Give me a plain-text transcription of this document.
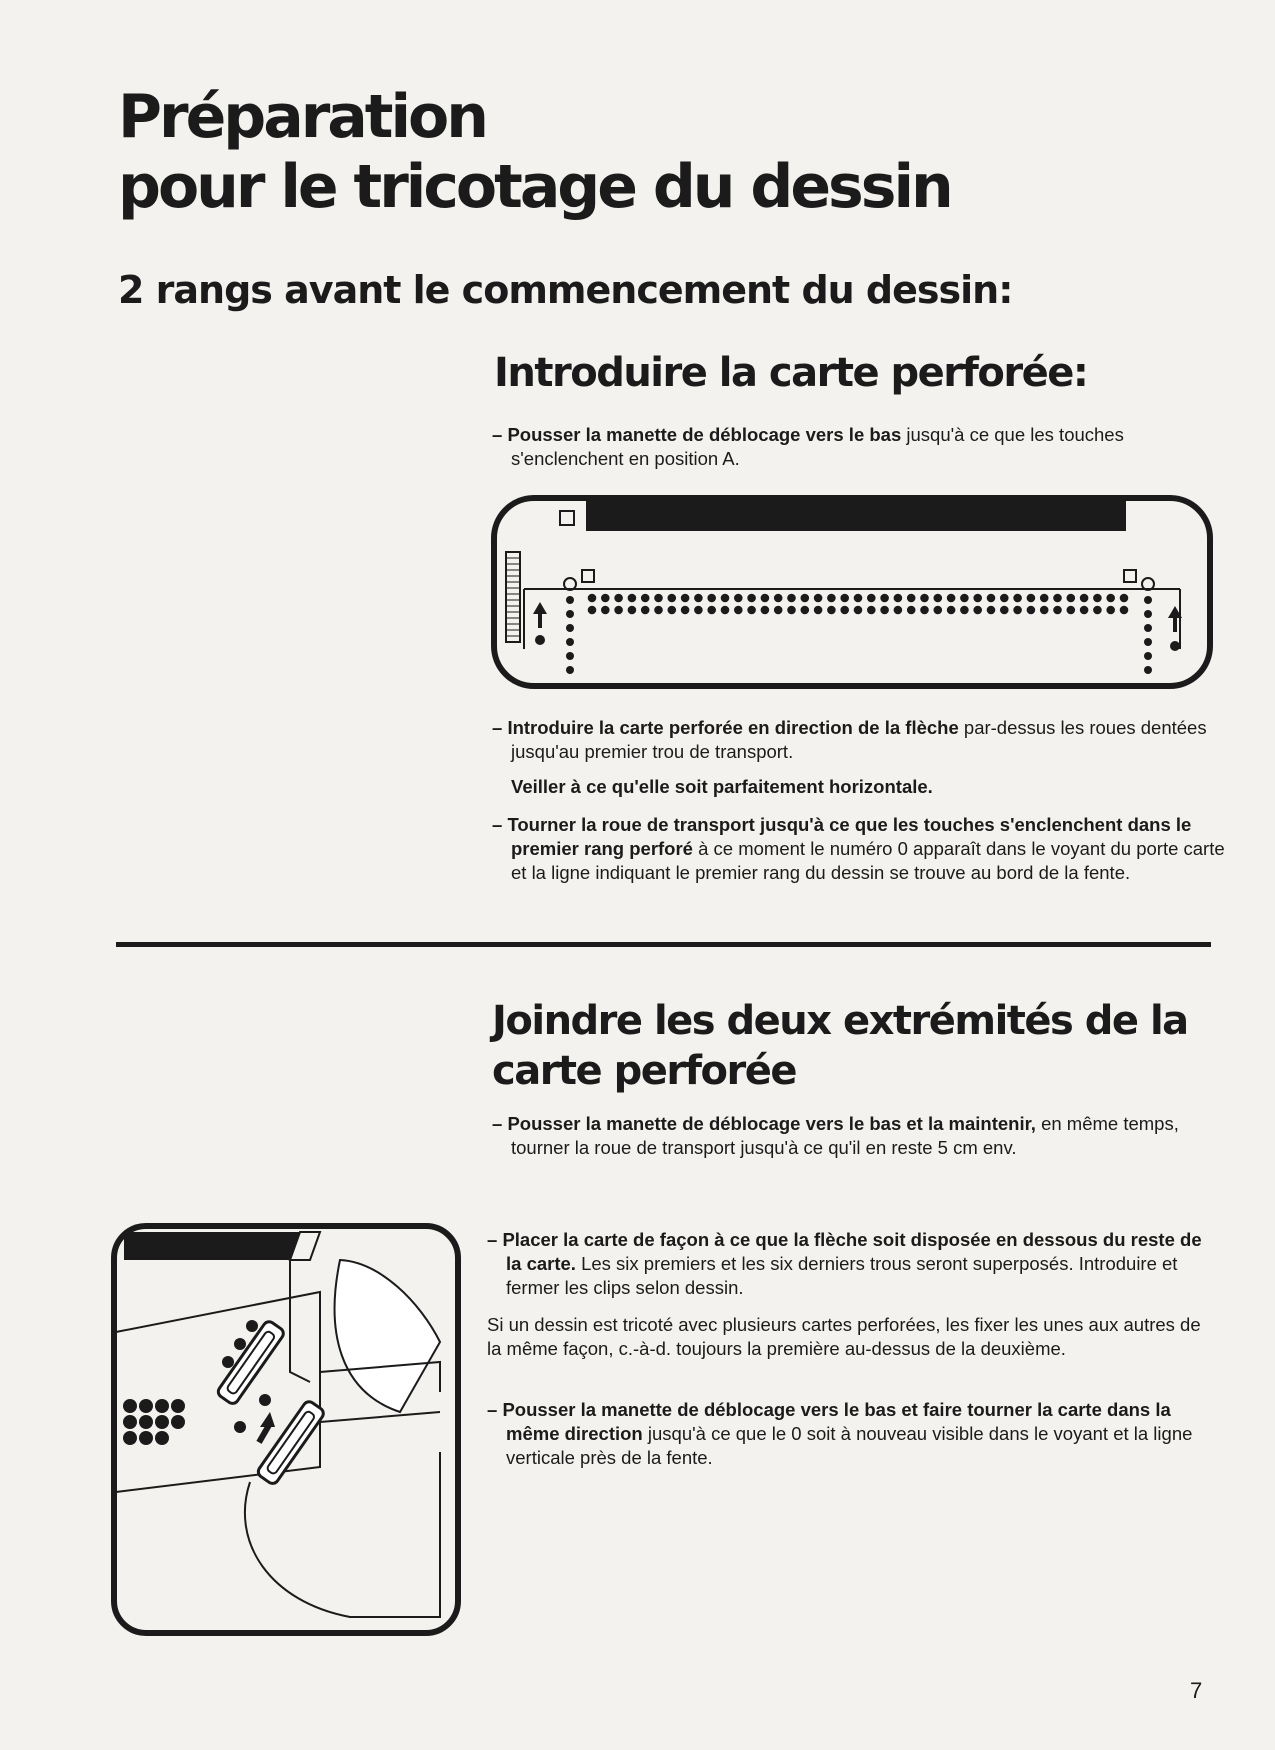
Préparation
pour le tricotage du dessin
2 rangs avant le commencement du dessin:
Introduire la carte perforée:

– Pousser la manette de déblocage vers le bas jusqu'à ce que les touches s'enclenchent en position A.

– Introduire la carte perforée en direction de la flèche par-dessus les roues dentées jusqu'au premier trou de transport.

Veiller à ce qu'elle soit parfaitement horizontale.

– Tourner la roue de transport jusqu'à ce que les touches s'enclenchent dans le premier rang perforé à ce moment le numéro 0 apparaît dans le voyant du porte carte et la ligne indiquant le premier rang du dessin se trouve au bord de la fente.

Joindre les deux extrémités de la
carte perforée

– Pousser la manette de déblocage vers le bas et la maintenir, en même temps, tourner la roue de transport jusqu'à ce qu'il en reste 5 cm env.

– Placer la carte de façon à ce que la flèche soit disposée en dessous du reste de la carte. Les six premiers et les six derniers trous seront superposés. Introduire et fermer les clips selon dessin.

Si un dessin est tricoté avec plusieurs cartes perforées, les fixer les unes aux autres de la même façon, c.-à-d. toujours la première au-dessus de la deuxième.

– Pousser la manette de déblocage vers le bas et faire tourner la carte dans la même direction jusqu'à ce que le 0 soit à nouveau visible dans le voyant et la ligne verticale près de la fente.

7
